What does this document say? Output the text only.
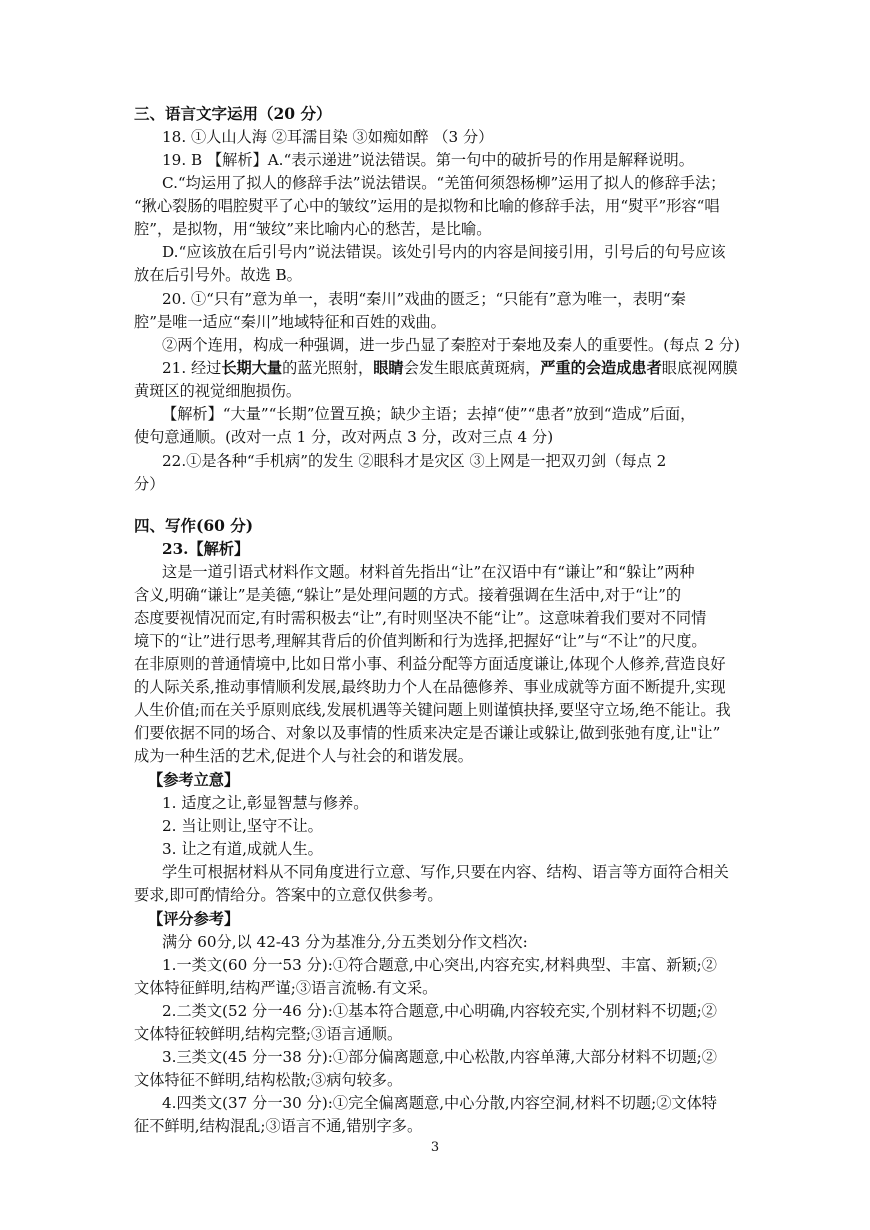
三、语言文字运用（20 分）
18. ①人山人海 ②耳濡目染 ③如痴如醉 （3 分）
19. B 【解析】A.“表示递进”说法错误。第一句中的破折号的作用是解释说明。
C.“均运用了拟人的修辞手法”说法错误。“羌笛何须怨杨柳”运用了拟人的修辞手法；
“揪心裂肠的唱腔熨平了心中的皱纹”运用的是拟物和比喻的修辞手法，用“熨平”形容“唱
腔”，是拟物，用“皱纹”来比喻内心的愁苦，是比喻。
D.“应该放在后引号内”说法错误。该处引号内的内容是间接引用，引号后的句号应该
放在后引号外。故选 B。
20. ①“只有”意为单一，表明“秦川”戏曲的匮乏；“只能有”意为唯一，表明“秦
腔”是唯一适应“秦川”地域特征和百姓的戏曲。
②两个连用，构成一种强调，进一步凸显了秦腔对于秦地及秦人的重要性。(每点 2 分)
21. 经过长期大量的蓝光照射，眼睛会发生眼底黄斑病，严重的会造成患者眼底视网膜
黄斑区的视觉细胞损伤。
【解析】“大量”“长期”位置互换；缺少主语；去掉“使”“患者”放到“造成”后面，
使句意通顺。(改对一点 1 分，改对两点 3 分，改对三点 4 分)
22.①是各种“手机病”的发生 ②眼科才是灾区 ③上网是一把双刃剑（每点 2
分）
四、写作(60 分)
23.【解析】
这是一道引语式材料作文题。材料首先指出“让”在汉语中有“谦让”和“躲让”两种
含义,明确“谦让”是美德,“躲让”是处理问题的方式。接着强调在生活中,对于“让”的
态度要视情况而定,有时需积极去“让”,有时则坚决不能“让”。这意味着我们要对不同情
境下的“让”进行思考,理解其背后的价值判断和行为选择,把握好“让”与“不让”的尺度。
在非原则的普通情境中,比如日常小事、利益分配等方面适度谦让,体现个人修养,营造良好
的人际关系,推动事情顺利发展,最终助力个人在品德修养、事业成就等方面不断提升,实现
人生价值;而在关乎原则底线,发展机遇等关键问题上则谨慎抉择,要坚守立场,绝不能让。我
们要依据不同的场合、对象以及事情的性质来决定是否谦让或躲让,做到张弛有度,让"让”
成为一种生活的艺术,促进个人与社会的和谐发展。
【参考立意】
1. 适度之让,彰显智慧与修养。
2. 当让则让,坚守不让。
3. 让之有道,成就人生。
学生可根据材料从不同角度进行立意、写作,只要在内容、结构、语言等方面符合相关
要求,即可酌情给分。答案中的立意仅供参考。
【评分参考】
满分 60分,以 42-43 分为基准分,分五类划分作文档次:
1.一类文(60 分一53 分):①符合题意,中心突出,内容充实,材料典型、丰富、新颖;②
文体特征鲜明,结构严谨;③语言流畅.有文采。
2.二类文(52 分一46 分):①基本符合题意,中心明确,内容较充实,个别材料不切题;②
文体特征较鲜明,结构完整;③语言通顺。
3.三类文(45 分一38 分):①部分偏离题意,中心松散,内容单薄,大部分材料不切题;②
文体特征不鲜明,结构松散;③病句较多。
4.四类文(37 分一30 分):①完全偏离题意,中心分散,内容空洞,材料不切题;②文体特
征不鲜明,结构混乱;③语言不通,错别字多。
3
